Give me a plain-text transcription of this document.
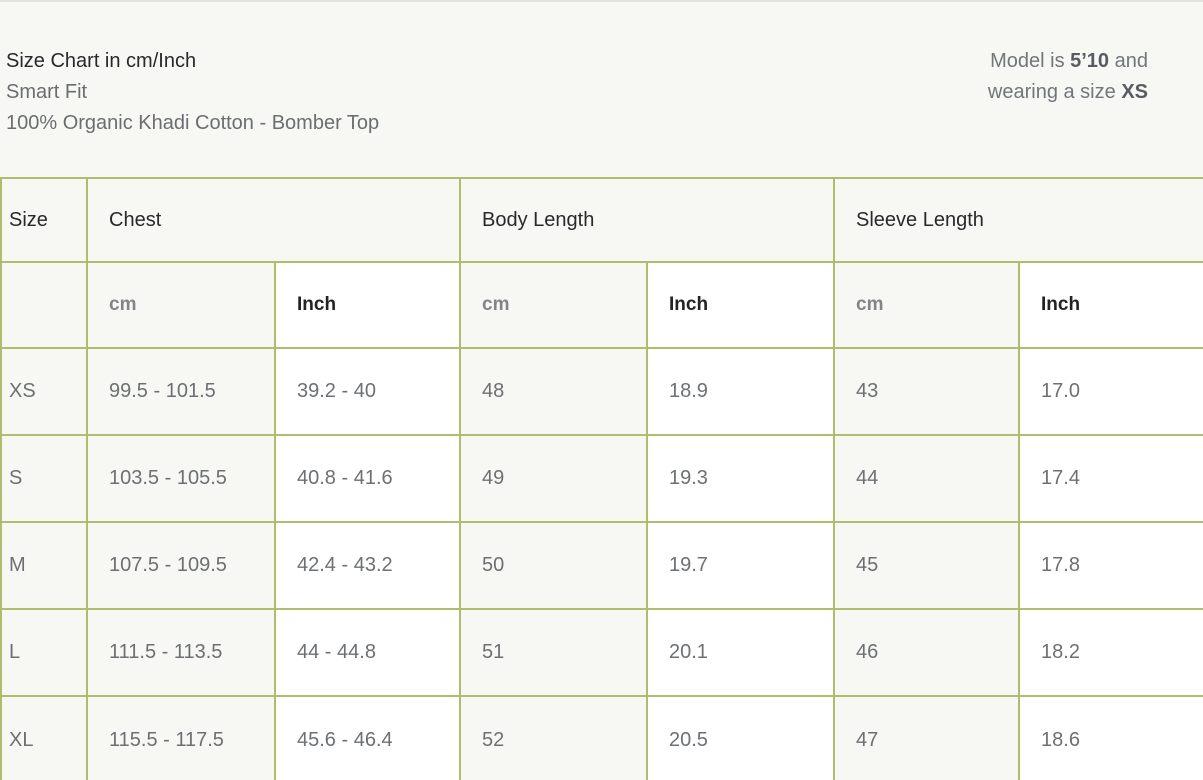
Size Chart in cm/Inch
Smart Fit
100% Organic Khadi Cotton - Bomber Top
Model is 5’10 and wearing a size XS
Size	Chest		Body Length		Sleeve Length	
	cm	Inch	cm	Inch	cm	Inch
XS	99.5 - 101.5	39.2 - 40	48	18.9	43	17.0
S	103.5 - 105.5	40.8 - 41.6	49	19.3	44	17.4
M	107.5 - 109.5	42.4 - 43.2	50	19.7	45	17.8
L	111.5 - 113.5	44 - 44.8	51	20.1	46	18.2
XL	115.5 - 117.5	45.6 - 46.4	52	20.5	47	18.6
